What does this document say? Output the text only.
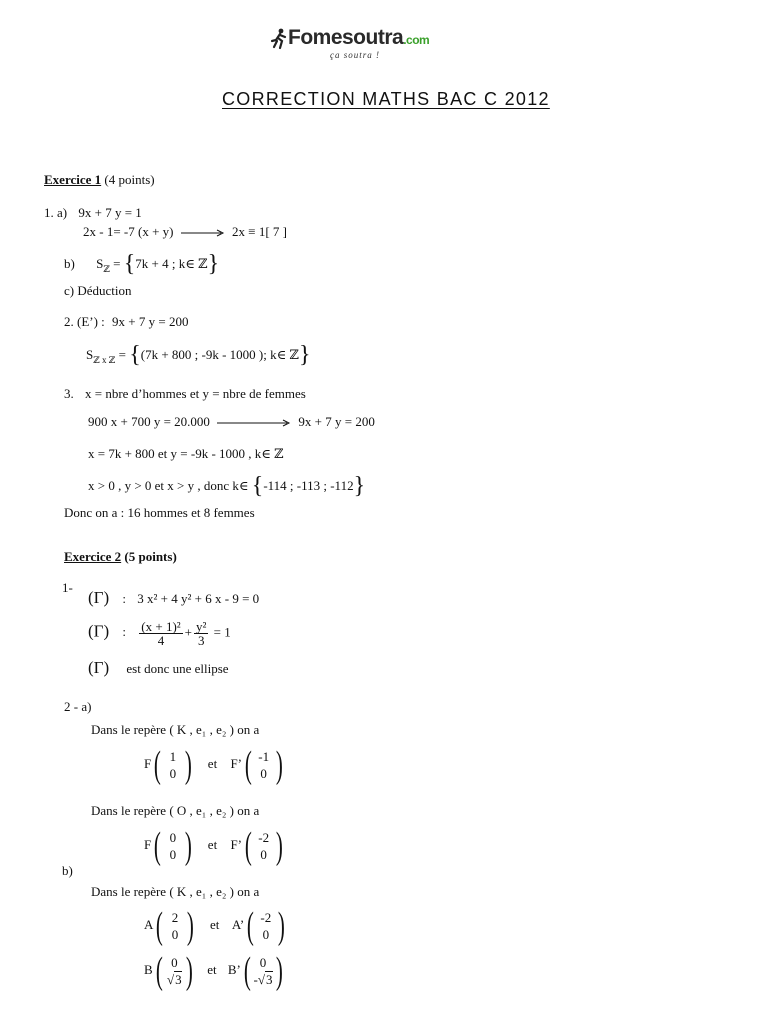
Fomesoutra.com
ça soutra !
CORRECTION MATHS BAC C 2012
Exercice 1 (4 points)
1. a) 9x + 7 y = 1
2x - 1= -7 (x + y)	2x ≡ 1[ 7 ]
b) $S_ℤ = \{7k + 4$ ; k∈ ℤ}
c) Déduction
2. (E’) : 9x + 7 y = 200
$S_{ℤ x ℤ} = \{(7k + 800$ ; -9k - 1000 ); k∈ ℤ}
3. x = nbre d’hommes et y = nbre de femmes
900 x + 700 y = 20.000	9x + 7 y = 200
x = 7k + 800 et y = -9k - 1000 , k∈ ℤ
x > 0 , y > 0 et x > y , donc k∈ {-114 ; -113 ; -112}
Donc on a : 16 hommes et 8 femmes
Exercice 2 (5 points)
1-
(Γ) : 3 x² + 4 y² + 6 x - 9 = 0
(Γ) : $\frac{\text{(x + 1)²}}{4} + \frac{\text{y²}}{3} = 1$
(Γ) est donc une ellipse
2 - a)
Dans le repère ( K , e₁ , e₂ ) on a
F ( 1
0 ) et F’ ( -1
0 )
Dans le repère ( O , e₁ , e₂ ) on a
F ( 0
0 ) et F’ ( -2
0 )
b)
Dans le repère ( K , e₁ , e₂ ) on a
A ( 2
0 ) et A’ ( -2
0 )
B ( 0
√3 ) et B’ ( 0
-√3 )
